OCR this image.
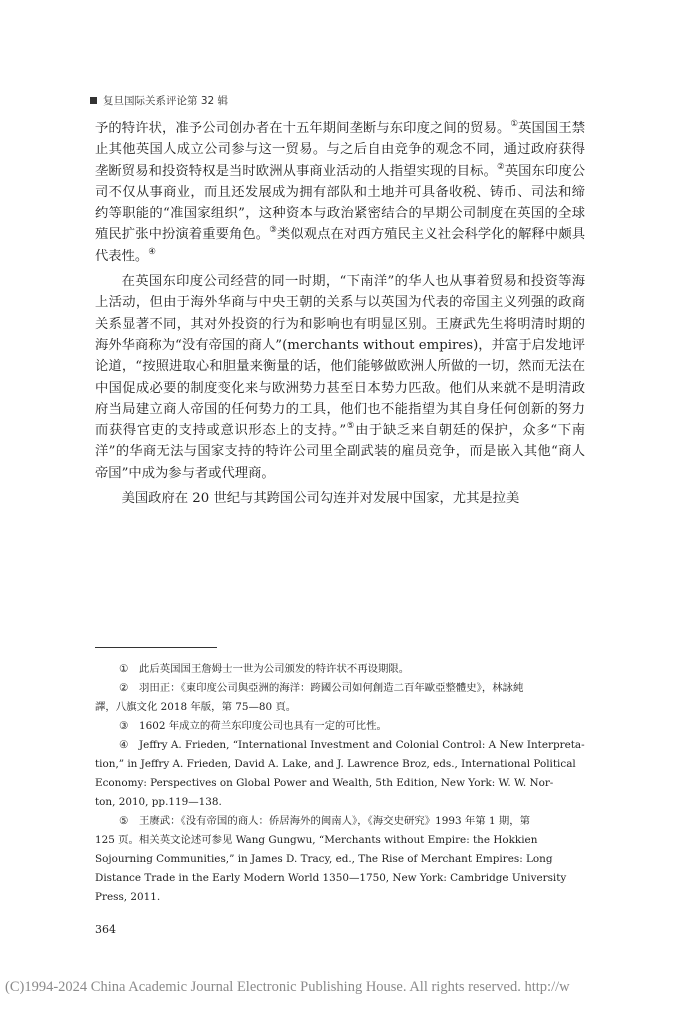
复旦国际关系评论第 32 辑

予的特许状，准予公司创办者在十五年期间垄断与东印度之间的贸易。①英国国王禁止其他英国人成立公司参与这一贸易。与之后自由竞争的观念不同，通过政府获得垄断贸易和投资特权是当时欧洲从事商业活动的人指望实现的目标。②英国东印度公司不仅从事商业，而且还发展成为拥有部队和土地并可具备收税、铸币、司法和缔约等职能的“准国家组织”，这种资本与政治紧密结合的早期公司制度在英国的全球殖民扩张中扮演着重要角色。③类似观点在对西方殖民主义社会科学化的解释中颇具代表性。④

在英国东印度公司经营的同一时期，“下南洋”的华人也从事着贸易和投资等海上活动，但由于海外华商与中央王朝的关系与以英国为代表的帝国主义列强的政商关系显著不同，其对外投资的行为和影响也有明显区别。王赓武先生将明清时期的海外华商称为“没有帝国的商人”(merchants without empires)，并富于启发地评论道，“按照进取心和胆量来衡量的话，他们能够做欧洲人所做的一切，然而无法在中国促成必要的制度变化来与欧洲势力甚至日本势力匹敌。他们从来就不是明清政府当局建立商人帝国的任何势力的工具，他们也不能指望为其自身任何创新的努力而获得官吏的支持或意识形态上的支持。”⑤由于缺乏来自朝廷的保护，众多“下南洋”的华商无法与国家支持的特许公司里全副武装的雇员竞争，而是嵌入其他“商人帝国”中成为参与者或代理商。

美国政府在 20 世纪与其跨国公司勾连并对发展中国家，尤其是拉美

① 此后英国国王詹姆士一世为公司颁发的特许状不再设期限。
② 羽田正：《東印度公司與亞洲的海洋：跨國公司如何創造二百年歐亞整體史》，林詠純
譯，八旗文化 2018 年版，第 75—80 頁。
③ 1602 年成立的荷兰东印度公司也具有一定的可比性。
④ Jeffry A. Frieden, “International Investment and Colonial Control: A New Interpreta-
tion,” in Jeffry A. Frieden, David A. Lake, and J. Lawrence Broz, eds., International Political
Economy: Perspectives on Global Power and Wealth, 5th Edition, New York: W. W. Nor-
ton, 2010, pp.119—138.
⑤ 王赓武：《没有帝国的商人：侨居海外的闽南人》，《海交史研究》1993 年第 1 期，第
125 页。相关英文论述可参见 Wang Gungwu, “Merchants without Empire: the Hokkien
Sojourning Communities,” in James D. Tracy, ed., The Rise of Merchant Empires: Long
Distance Trade in the Early Modern World 1350—1750, New York: Cambridge University
Press, 2011.
364
(C)1994-2024 China Academic Journal Electronic Publishing House. All rights reserved. http://w
